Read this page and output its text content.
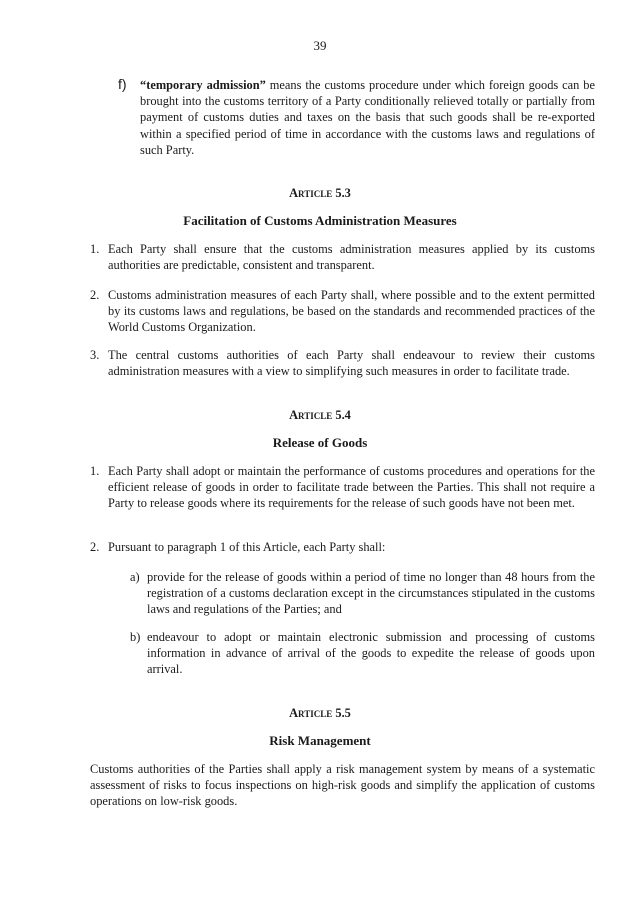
39
f) “temporary admission” means the customs procedure under which foreign goods can be brought into the customs territory of a Party conditionally relieved totally or partially from payment of customs duties and taxes on the basis that such goods shall be re-exported within a specified period of time in accordance with the customs laws and regulations of such Party.
Article 5.3
Facilitation of Customs Administration Measures
1. Each Party shall ensure that the customs administration measures applied by its customs authorities are predictable, consistent and transparent.
2. Customs administration measures of each Party shall, where possible and to the extent permitted by its customs laws and regulations, be based on the standards and recommended practices of the World Customs Organization.
3. The central customs authorities of each Party shall endeavour to review their customs administration measures with a view to simplifying such measures in order to facilitate trade.
Article 5.4
Release of Goods
1. Each Party shall adopt or maintain the performance of customs procedures and operations for the efficient release of goods in order to facilitate trade between the Parties. This shall not require a Party to release goods where its requirements for the release of such goods have not been met.
2. Pursuant to paragraph 1 of this Article, each Party shall:
a) provide for the release of goods within a period of time no longer than 48 hours from the registration of a customs declaration except in the circumstances stipulated in the customs laws and regulations of the Parties; and
b) endeavour to adopt or maintain electronic submission and processing of customs information in advance of arrival of the goods to expedite the release of goods upon arrival.
Article 5.5
Risk Management
Customs authorities of the Parties shall apply a risk management system by means of a systematic assessment of risks to focus inspections on high-risk goods and simplify the application of customs operations on low-risk goods.
